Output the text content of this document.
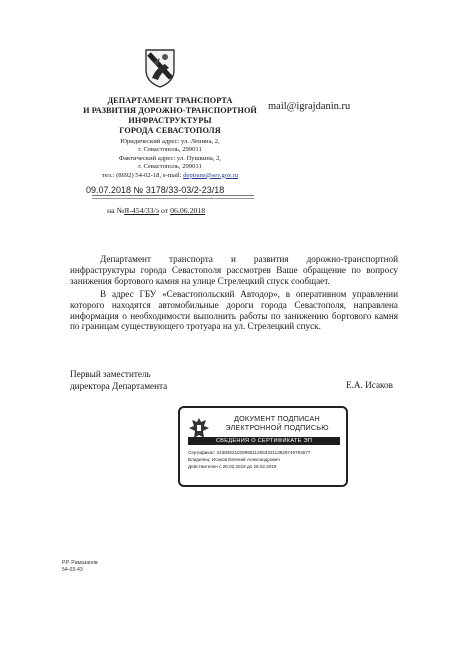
ДЕПАРТАМЕНТ ТРАНСПОРТА
И РАЗВИТИЯ ДОРОЖНО-ТРАНСПОРТНОЙ
ИНФРАСТРУКТУРЫ
ГОРОДА СЕВАСТОПОЛЯ
mail@igrajdanin.ru
Юридический адрес: ул. Ленина, 2,
г. Севастополь, 299011
Фактический адрес: ул. Пушкина, 2,
г. Севастополь, 299011
тел.: (8692) 54-02-18, e-mail: deptrans@sev.gov.ru
09.07.2018 № 3178/33-03/2-23/18
на №Я-454/33/э от 06.06.2018

Департамент транспорта и развития дорожно-транспортной инфраструктуры города Севастополя рассмотрев Ваше обращение по вопросу занижения бортового камня на улице Стрелецкий спуск сообщает.

В адрес ГБУ «Севастопольский Автодор», в оперативном управлении которого находятся автомобильные дороги города Севастополя, направлена информация о необходимости выполнить работы по занижению бортового камня по границам существующего тротуара на ул. Стрелецкий спуск.

Первый заместитель
директора Департамента	Е.А. Исаков
ДОКУМЕНТ ПОДПИСАН
ЭЛЕКТРОННОЙ ПОДПИСЬЮ
СВЕДЕНИЯ О СЕРТИФИКАТЕ ЭП
Сертификат: 2438352102998511265332113829749784577
Владелец: Исаков Евгений Александрович
Действителен с 26.02.2018 до 26.02.2019
Р.Р. Рамазанов
54-03-43
